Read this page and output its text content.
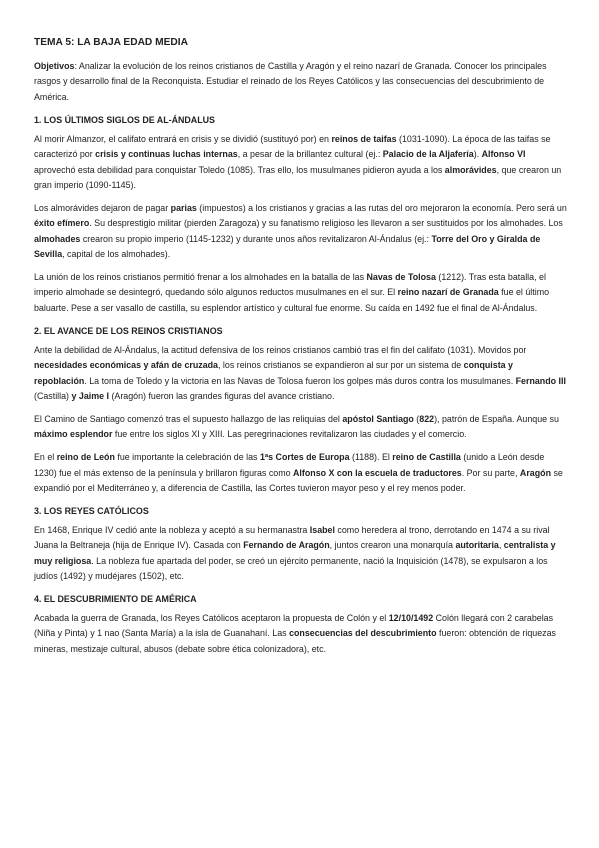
TEMA 5: LA BAJA EDAD MEDIA

Objetivos: Analizar la evolución de los reinos cristianos de Castilla y Aragón y el reino nazarí de Granada. Conocer los principales rasgos y desarrollo final de la Reconquista. Estudiar el reinado de los Reyes Católicos y las consecuencias del descubrimiento de América.

1. LOS ÚLTIMOS SIGLOS DE AL-ÁNDALUS

Al morir Almanzor, el califato entrará en crisis y se dividió (sustituyó por) en reinos de taifas (1031-1090). La época de las taifas se caracterizó por crisis y continuas luchas internas, a pesar de la brillantez cultural (ej.: Palacio de la Aljafería). Alfonso VI aprovechó esta debilidad para conquistar Toledo (1085). Tras ello, los musulmanes pidieron ayuda a los almorávides, que crearon un gran imperio (1090-1145).

Los almorávides dejaron de pagar parias (impuestos) a los cristianos y gracias a las rutas del oro mejoraron la economía. Pero será un éxito efímero. Su desprestigio militar (pierden Zaragoza) y su fanatismo religioso les llevaron a ser sustituidos por los almohades. Los almohades crearon su propio imperio (1145-1232) y durante unos años revitalizaron Al-Ándalus (ej.: Torre del Oro y Giralda de Sevilla, capital de los almohades).

La unión de los reinos cristianos permitió frenar a los almohades en la batalla de las Navas de Tolosa (1212). Tras esta batalla, el imperio almohade se desintegró, quedando sólo algunos reductos musulmanes en el sur. El reino nazarí de Granada fue el último baluarte. Pese a ser vasallo de castilla, su esplendor artístico y cultural fue enorme. Su caída en 1492 fue el final de Al-Ándalus.

2. EL AVANCE DE LOS REINOS CRISTIANOS

Ante la debilidad de Al-Ándalus, la actitud defensiva de los reinos cristianos cambió tras el fin del califato (1031). Movidos por necesidades económicas y afán de cruzada, los reinos cristianos se expandieron al sur por un sistema de conquista y repoblación. La toma de Toledo y la victoria en las Navas de Tolosa fueron los golpes más duros contra los musulmanes. Fernando III (Castilla) y Jaime I (Aragón) fueron las grandes figuras del avance cristiano.

El Camino de Santiago comenzó tras el supuesto hallazgo de las reliquias del apóstol Santiago (822), patrón de España. Aunque su máximo esplendor fue entre los siglos XI y XIII. Las peregrinaciones revitalizaron las ciudades y el comercio.

En el reino de León fue importante la celebración de las 1ªs Cortes de Europa (1188). El reino de Castilla (unido a León desde 1230) fue el más extenso de la península y brillaron figuras como Alfonso X con la escuela de traductores. Por su parte, Aragón se expandió por el Mediterráneo y, a diferencia de Castilla, las Cortes tuvieron mayor peso y el rey menos poder.

3. LOS REYES CATÓLICOS

En 1468, Enrique IV cedió ante la nobleza y aceptó a su hermanastra Isabel como heredera al trono, derrotando en 1474 a su rival Juana la Beltraneja (hija de Enrique IV). Casada con Fernando de Aragón, juntos crearon una monarquía autoritaria, centralista y muy religiosa. La nobleza fue apartada del poder, se creó un ejército permanente, nació la Inquisición (1478), se expulsaron a los judíos (1492) y mudéjares (1502), etc.

4. EL DESCUBRIMIENTO DE AMÉRICA

Acabada la guerra de Granada, los Reyes Católicos aceptaron la propuesta de Colón y el 12/10/1492 Colón llegará con 2 carabelas (Niña y Pinta) y 1 nao (Santa María) a la isla de Guanahaní. Las consecuencias del descubrimiento fueron: obtención de riquezas mineras, mestizaje cultural, abusos (debate sobre ética colonizadora), etc.
